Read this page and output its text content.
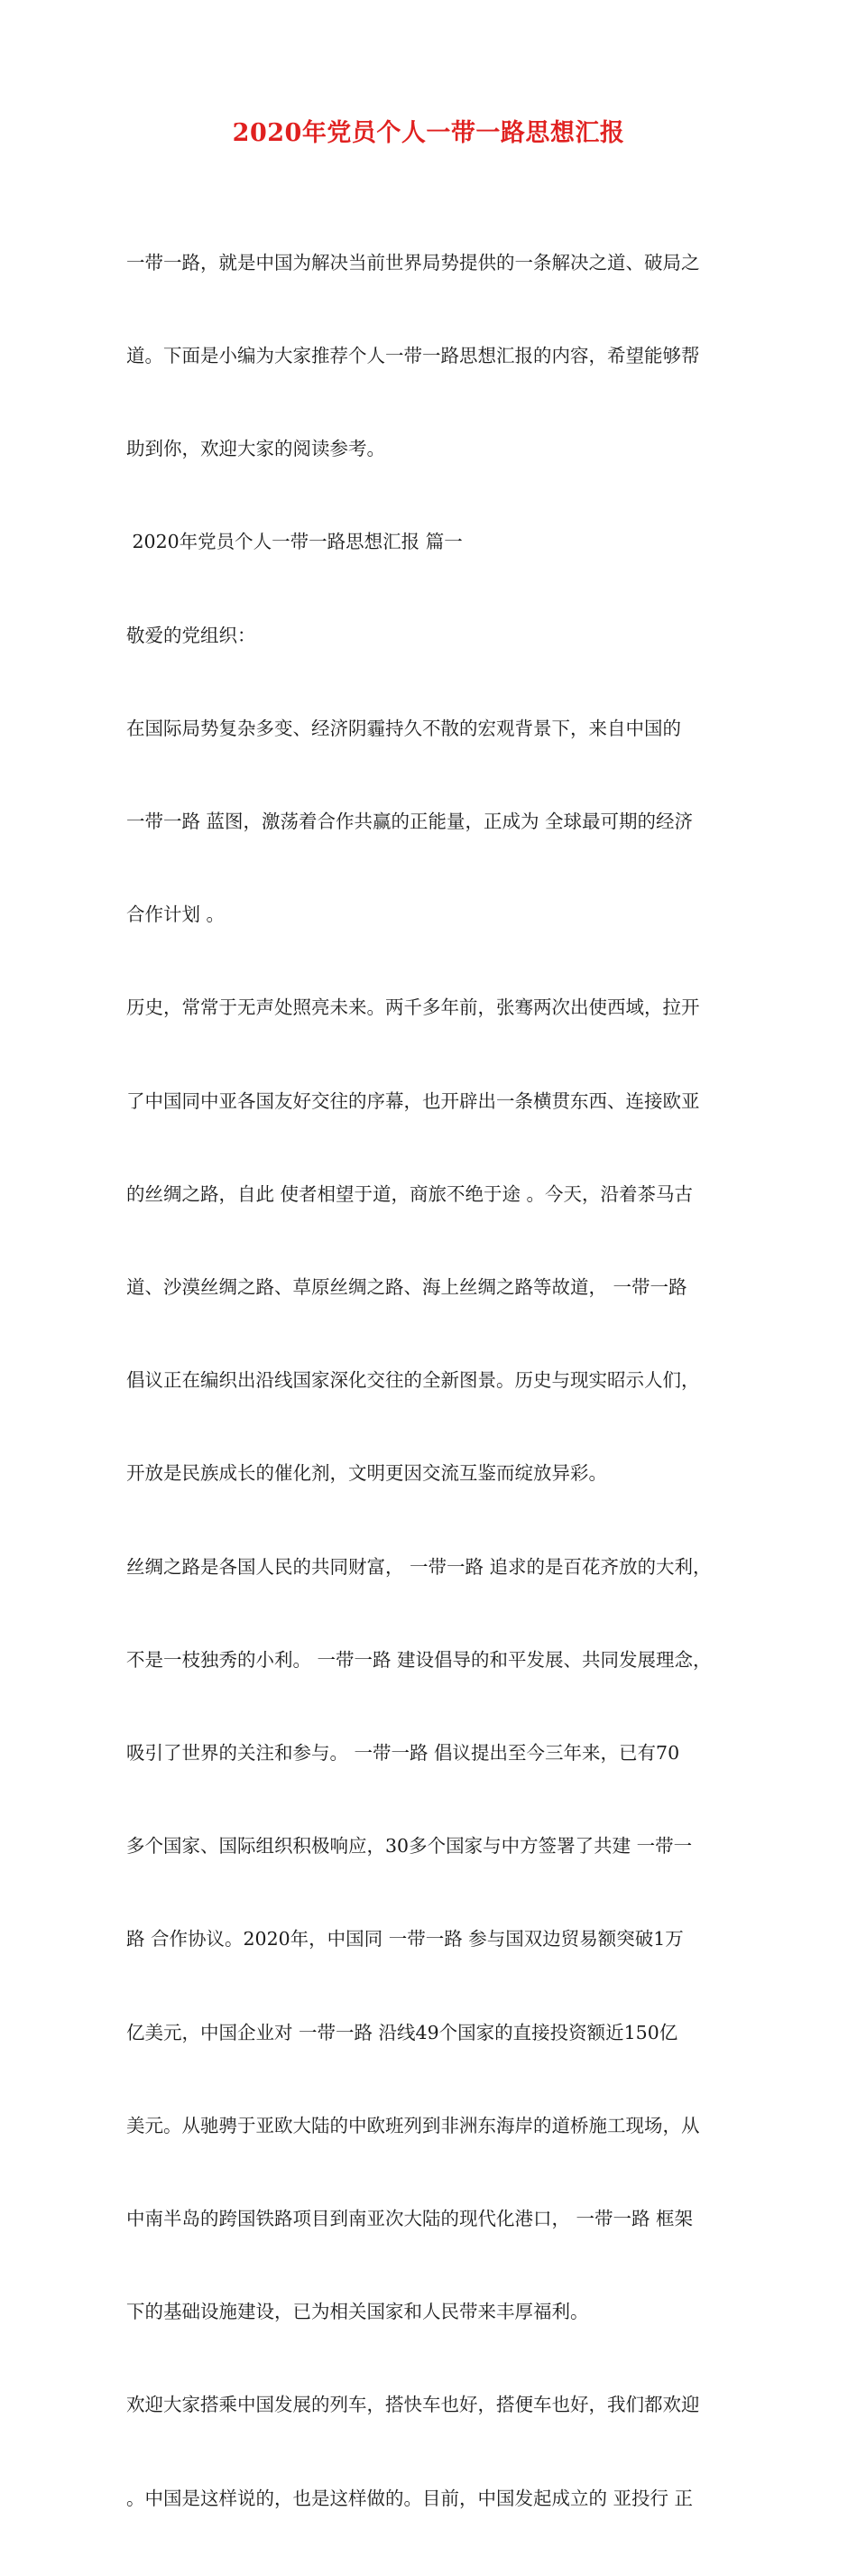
2020年党员个人一带一路思想汇报

一带一路，就是中国为解决当前世界局势提供的一条解决之道、破局之

道。下面是小编为大家推荐个人一带一路思想汇报的内容，希望能够帮

助到你，欢迎大家的阅读参考。

2020年党员个人一带一路思想汇报 篇一

敬爱的党组织：

在国际局势复杂多变、经济阴霾持久不散的宏观背景下，来自中国的

一带一路 蓝图，激荡着合作共赢的正能量，正成为 全球最可期的经济

合作计划 。

历史，常常于无声处照亮未来。两千多年前，张骞两次出使西域，拉开

了中国同中亚各国友好交往的序幕，也开辟出一条横贯东西、连接欧亚

的丝绸之路，自此 使者相望于道，商旅不绝于途 。今天，沿着茶马古

道、沙漠丝绸之路、草原丝绸之路、海上丝绸之路等故道， 一带一路

倡议正在编织出沿线国家深化交往的全新图景。历史与现实昭示人们，

开放是民族成长的催化剂，文明更因交流互鉴而绽放异彩。

丝绸之路是各国人民的共同财富， 一带一路 追求的是百花齐放的大利，

不是一枝独秀的小利。 一带一路 建设倡导的和平发展、共同发展理念，

吸引了世界的关注和参与。 一带一路 倡议提出至今三年来，已有70

多个国家、国际组织积极响应，30多个国家与中方签署了共建 一带一

路 合作协议。2020年，中国同 一带一路 参与国双边贸易额突破1万

亿美元，中国企业对 一带一路 沿线49个国家的直接投资额近150亿

美元。从驰骋于亚欧大陆的中欧班列到非洲东海岸的道桥施工现场，从

中南半岛的跨国铁路项目到南亚次大陆的现代化港口， 一带一路 框架

下的基础设施建设，已为相关国家和人民带来丰厚福利。

欢迎大家搭乘中国发展的列车，搭快车也好，搭便车也好，我们都欢迎

。中国是这样说的，也是这样做的。目前，中国发起成立的 亚投行 正
